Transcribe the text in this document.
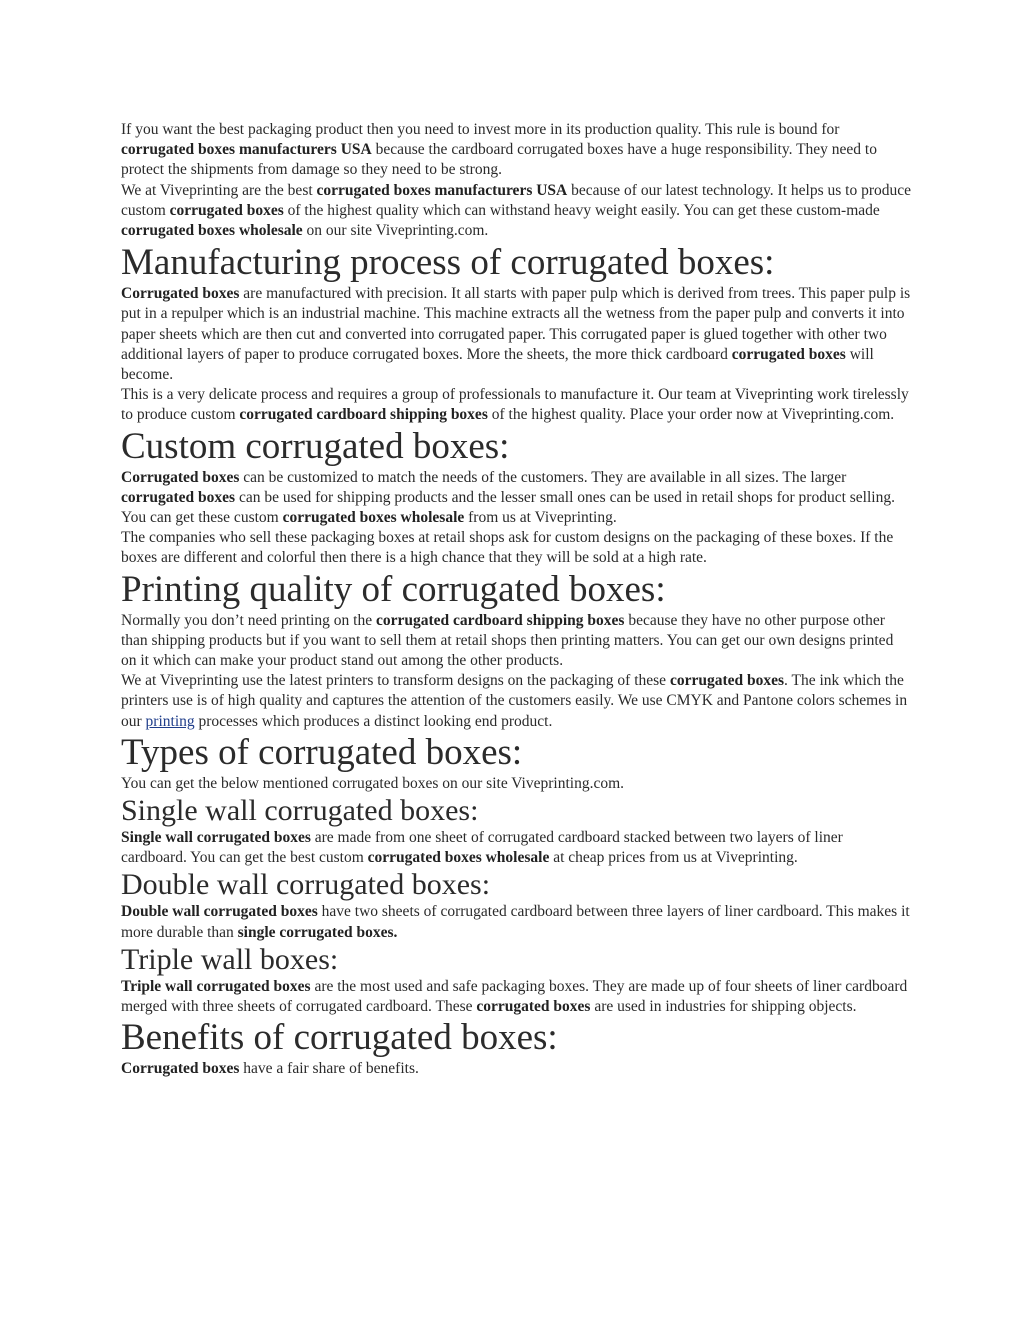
If you want the best packaging product then you need to invest more in its production quality. This rule is bound for corrugated boxes manufacturers USA because the cardboard corrugated boxes have a huge responsibility. They need to protect the shipments from damage so they need to be strong.

We at Viveprinting are the best corrugated boxes manufacturers USA because of our latest technology. It helps us to produce custom corrugated boxes of the highest quality which can withstand heavy weight easily. You can get these custom-made corrugated boxes wholesale on our site Viveprinting.com.

Manufacturing process of corrugated boxes:

Corrugated boxes are manufactured with precision. It all starts with paper pulp which is derived from trees. This paper pulp is put in a repulper which is an industrial machine. This machine extracts all the wetness from the paper pulp and converts it into paper sheets which are then cut and converted into corrugated paper. This corrugated paper is glued together with other two additional layers of paper to produce corrugated boxes. More the sheets, the more thick cardboard corrugated boxes will become.

This is a very delicate process and requires a group of professionals to manufacture it. Our team at Viveprinting work tirelessly to produce custom corrugated cardboard shipping boxes of the highest quality. Place your order now at Viveprinting.com.

Custom corrugated boxes:

Corrugated boxes can be customized to match the needs of the customers. They are available in all sizes. The larger corrugated boxes can be used for shipping products and the lesser small ones can be used in retail shops for product selling. You can get these custom corrugated boxes wholesale from us at Viveprinting.

The companies who sell these packaging boxes at retail shops ask for custom designs on the packaging of these boxes. If the boxes are different and colorful then there is a high chance that they will be sold at a high rate.

Printing quality of corrugated boxes:

Normally you don’t need printing on the corrugated cardboard shipping boxes because they have no other purpose other than shipping products but if you want to sell them at retail shops then printing matters. You can get our own designs printed on it which can make your product stand out among the other products.

We at Viveprinting use the latest printers to transform designs on the packaging of these corrugated boxes. The ink which the printers use is of high quality and captures the attention of the customers easily. We use CMYK and Pantone colors schemes in our printing processes which produces a distinct looking end product.

Types of corrugated boxes:

You can get the below mentioned corrugated boxes on our site Viveprinting.com.

Single wall corrugated boxes:

Single wall corrugated boxes are made from one sheet of corrugated cardboard stacked between two layers of liner cardboard. You can get the best custom corrugated boxes wholesale at cheap prices from us at Viveprinting.

Double wall corrugated boxes:

Double wall corrugated boxes have two sheets of corrugated cardboard between three layers of liner cardboard. This makes it more durable than single corrugated boxes.

Triple wall boxes:

Triple wall corrugated boxes are the most used and safe packaging boxes. They are made up of four sheets of liner cardboard merged with three sheets of corrugated cardboard. These corrugated boxes are used in industries for shipping objects.

Benefits of corrugated boxes:

Corrugated boxes have a fair share of benefits.
